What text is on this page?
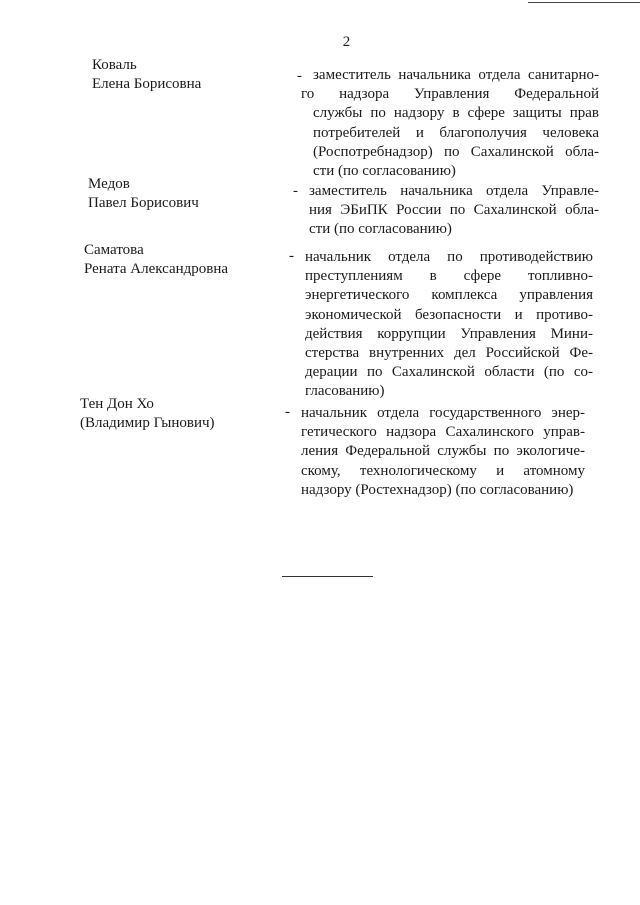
2
Коваль
Елена Борисовна	- заместитель начальника отдела санитарно-
го надзора Управления Федеральной
службы по надзору в сфере защиты прав
потребителей и благополучия человека
(Роспотребнадзор) по Сахалинской обла-
сти (по согласованию)
Медов
Павел Борисович
- заместитель начальника отдела Управле-
ния ЭБиПК России по Сахалинской обла-
сти (по согласованию)
Саматова
Рената Александровна
- начальник отдела по противодействию
преступлениям в сфере топливно-
энергетического комплекса управления
экономической безопасности и противо-
действия коррупции Управления Мини-
стерства внутренних дел Российской Фе-
дерации по Сахалинской области (по со-
гласованию)
Тен Дон Хо
(Владимир Гынович)
- начальник отдела государственного энер-
гетического надзора Сахалинского управ-
ления Федеральной службы по экологиче-
скому, технологическому и атомному
надзору (Ростехнадзор) (по согласованию)
